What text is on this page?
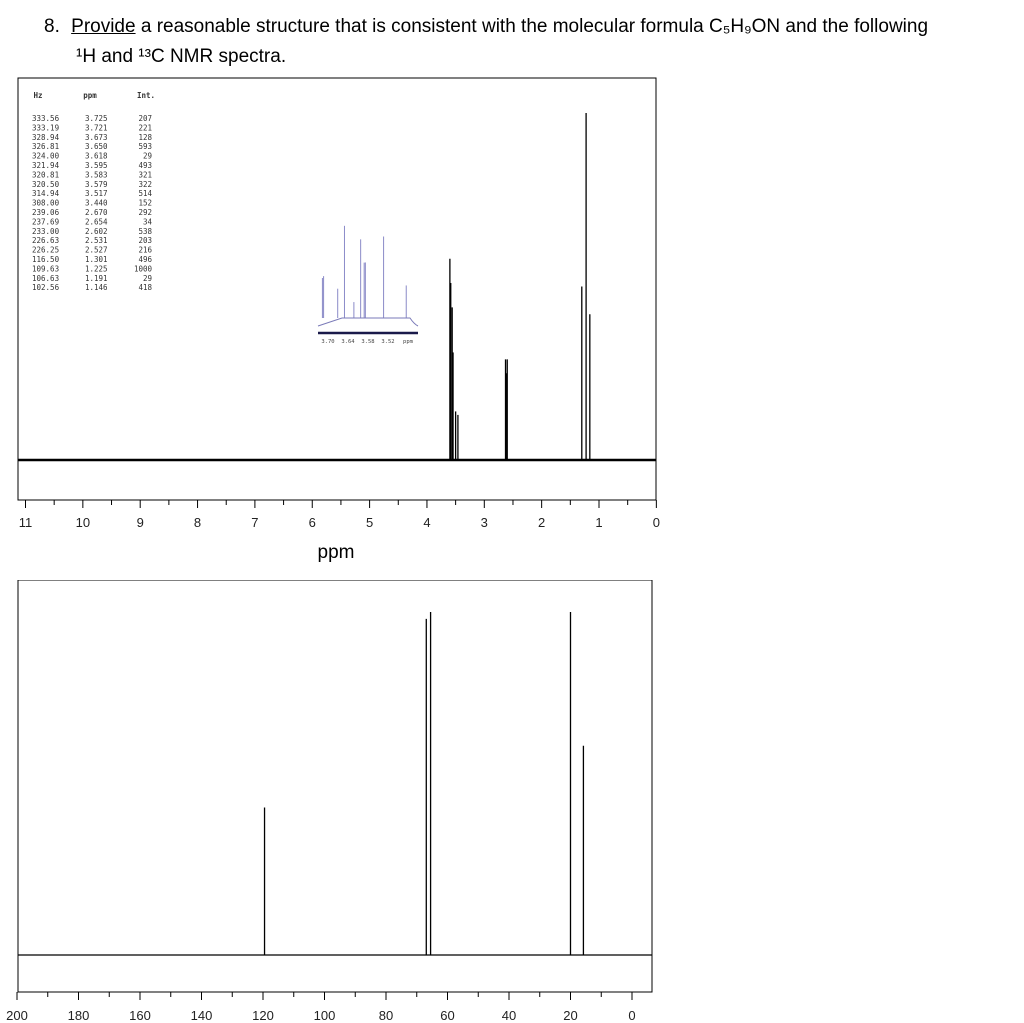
8. Provide a reasonable structure that is consistent with the molecular formula C₅H₉ON and the following
¹H and ¹³C NMR spectra.
11	10	9	8	7	6	5	4	3	2	1	0
ppm
Hz	ppm	Int.
333.56	3.725	207
333.19	3.721	221
328.94	3.673	128
326.81	3.650	593
324.00	3.618	29
321.94	3.595	493
320.81	3.583	321
320.50	3.579	322
314.94	3.517	514
308.00	3.440	152
239.06	2.670	292
237.69	2.654	34
233.00	2.602	538
226.63	2.531	203
226.25	2.527	216
116.50	1.301	496
109.63	1.225	1000
106.63	1.191	29
102.56	1.146	418
3.70 3.64 3.58 3.52 ppm
200	180	160	140	120	100	80	60	40	20	0
